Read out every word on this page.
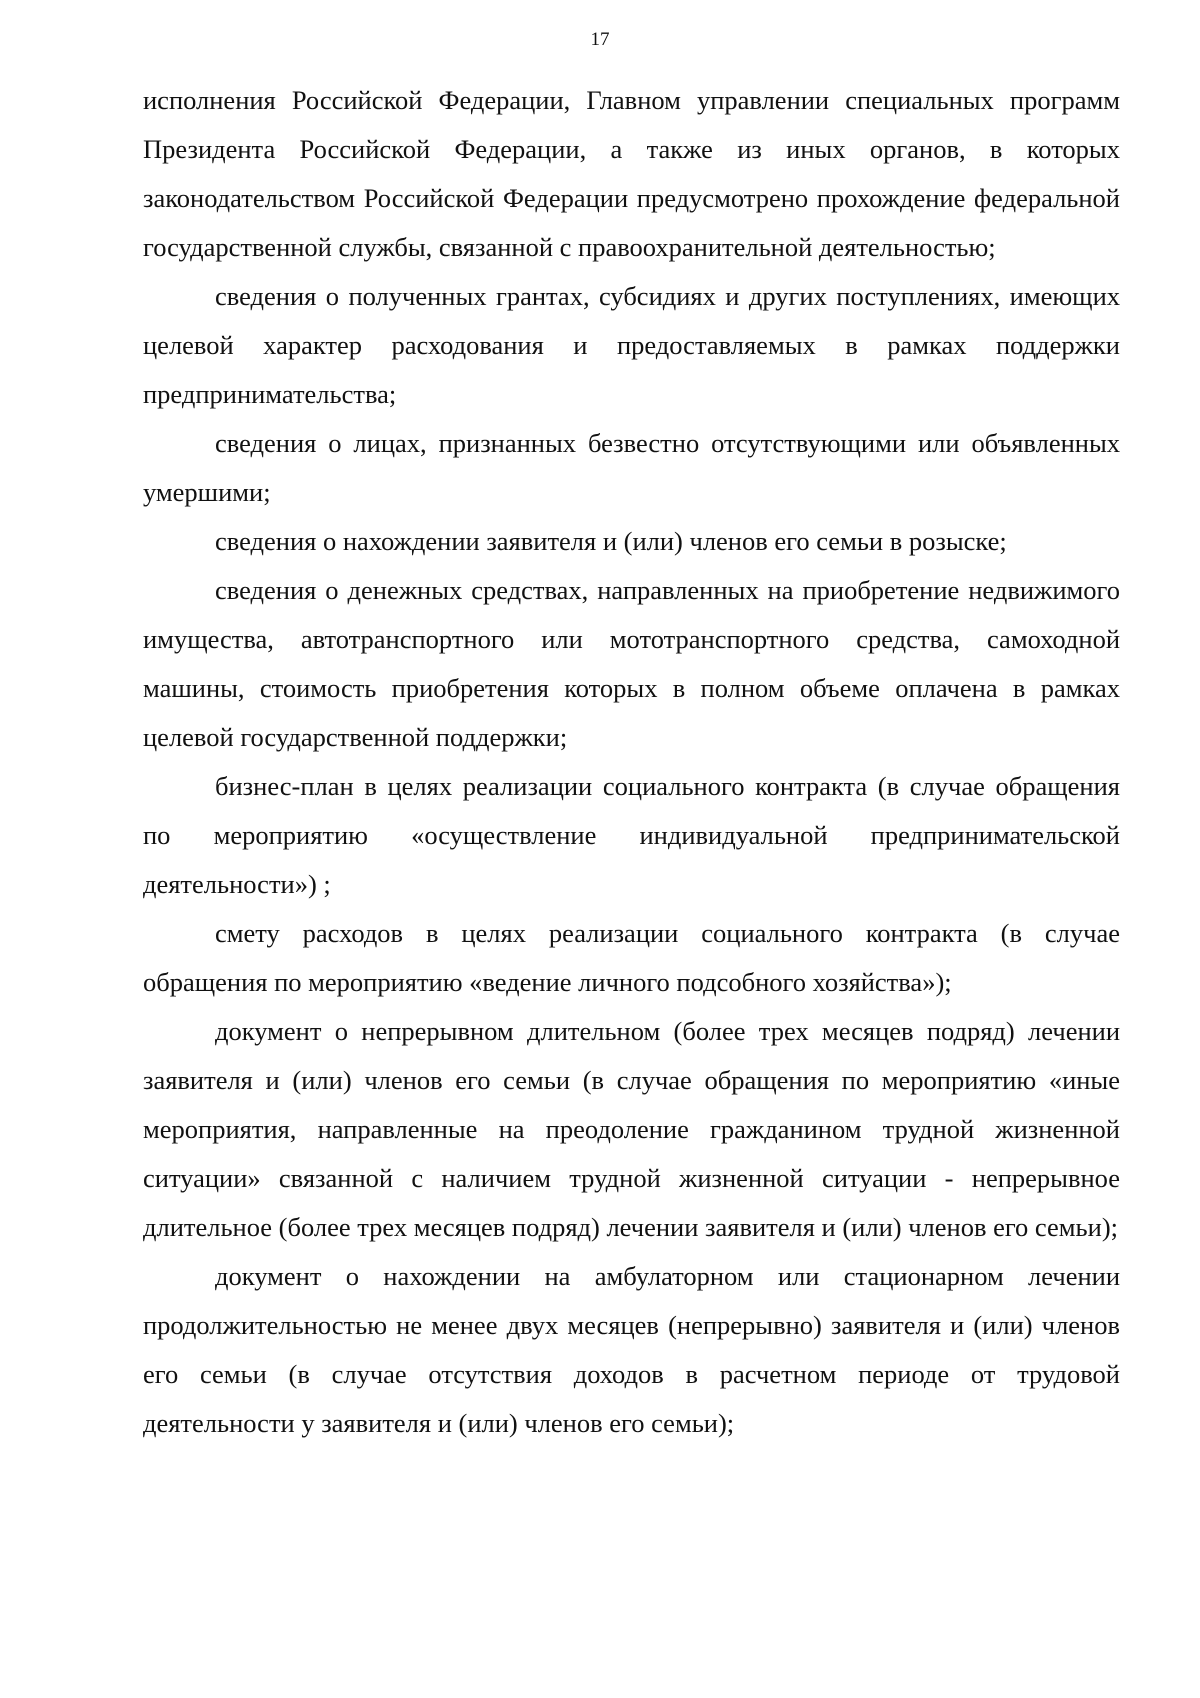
17

исполнения Российской Федерации, Главном управлении специальных программ Президента Российской Федерации, а также из иных органов, в которых законодательством Российской Федерации предусмотрено прохождение федеральной государственной службы, связанной с правоохранительной деятельностью;

сведения о полученных грантах, субсидиях и других поступлениях, имеющих целевой характер расходования и предоставляемых в рамках поддержки предпринимательства;

сведения о лицах, признанных безвестно отсутствующими или объявленных умершими;

сведения о нахождении заявителя и (или) членов его семьи в розыске;

сведения о денежных средствах, направленных на приобретение недвижимого имущества, автотранспортного или мототранспортного средства, самоходной машины, стоимость приобретения которых в полном объеме оплачена в рамках целевой государственной поддержки;

бизнес-план в целях реализации социального контракта (в случае обращения по мероприятию «осуществление индивидуальной предпринимательской деятельности») ;

смету расходов в целях реализации социального контракта (в случае обращения по мероприятию «ведение личного подсобного хозяйства»);

документ о непрерывном длительном (более трех месяцев подряд) лечении заявителя и (или) членов его семьи (в случае обращения по мероприятию «иные мероприятия, направленные на преодоление гражданином трудной жизненной ситуации» связанной с наличием трудной жизненной ситуации - непрерывное длительное (более трех месяцев подряд) лечении заявителя и (или) членов его семьи);

документ о нахождении на амбулаторном или стационарном лечении продолжительностью не менее двух месяцев (непрерывно) заявителя и (или) членов его семьи (в случае отсутствия доходов в расчетном периоде от трудовой деятельности у заявителя и (или) членов его семьи);
